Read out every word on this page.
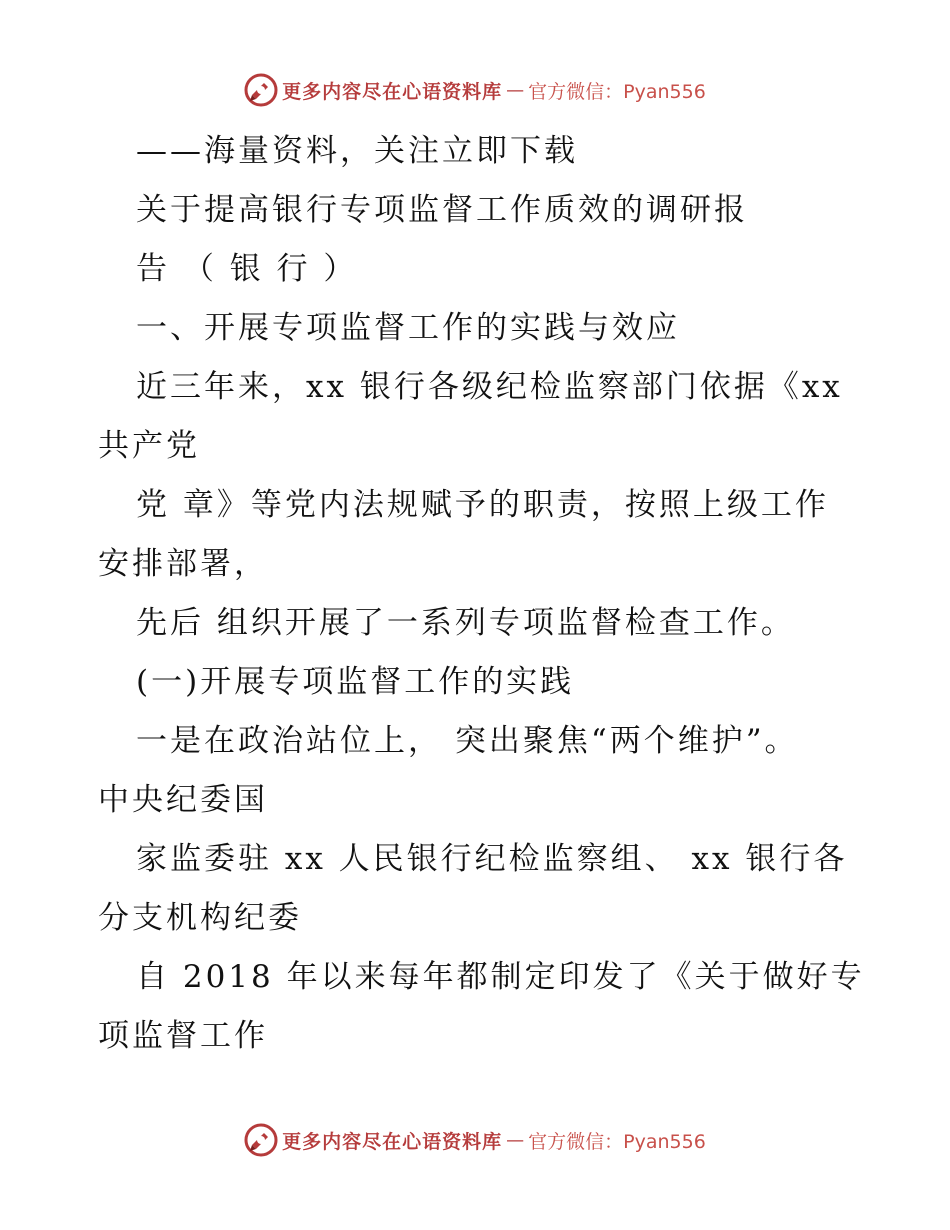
更多内容尽在心语资料库 — 官方微信：Pyan556
——海量资料，关注立即下载
关于提高银行专项监督工作质效的调研报
告 （ 银 行 ）
一、开展专项监督工作的实践与效应
近三年来，xx 银行各级纪检监察部门依据《xx
共产党
党 章》等党内法规赋予的职责，按照上级工作
安排部署，
先后 组织开展了一系列专项监督检查工作。
(一)开展专项监督工作的实践
一是在政治站位上， 突出聚焦“两个维护”。
中央纪委国
家监委驻 xx 人民银行纪检监察组、 xx 银行各
分支机构纪委
自 2018 年以来每年都制定印发了《关于做好专
项监督工作
更多内容尽在心语资料库 — 官方微信：Pyan556
